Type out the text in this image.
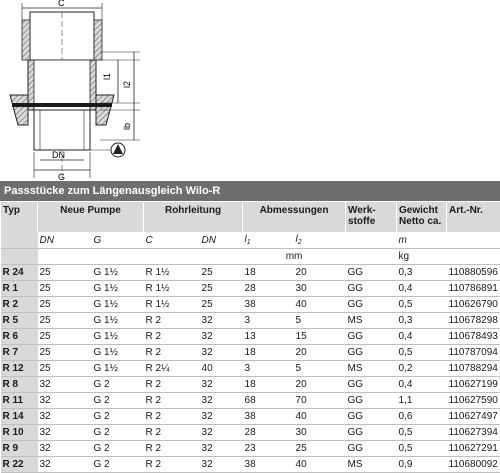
C
l1
l2
lb
DN
G
Passstücke zum Längenausgleich Wilo-R
Typ	Neue Pumpe		Rohrleitung		Abmessungen		Werk-
stoffe	Gewicht
Netto ca.	Art.-Nr.
	DN	G	C	DN	$l_1$	$l_2$		m	
					mm			kg	
R 24	25	G 1½	R 1½	25	18	20	GG	0,3	110880596
R 1	25	G 1½	R 1½	25	28	30	GG	0,4	110786891
R 2	25	G 1½	R 1½	25	38	40	GG	0,5	110626790
R 5	25	G 1½	R 2	32	3	5	MS	0,3	110678298
R 6	25	G 1½	R 2	32	13	15	GG	0,4	110678493
R 7	25	G 1½	R 2	32	18	20	GG	0,5	110787094
R 12	25	G 1½	R 2¼	40	3	5	MS	0,2	110788294
R 8	32	G 2	R 2	32	18	20	GG	0,4	110627199
R 11	32	G 2	R 2	32	68	70	GG	1,1	110627590
R 14	32	G 2	R 2	32	38	40	GG	0,6	110627497
R 10	32	G 2	R 2	32	28	30	GG	0,5	110627394
R 9	32	G 2	R 2	32	23	25	GG	0,5	110627291
R 22	32	G 2	R 2	32	38	40	MS	0,9	110680092
